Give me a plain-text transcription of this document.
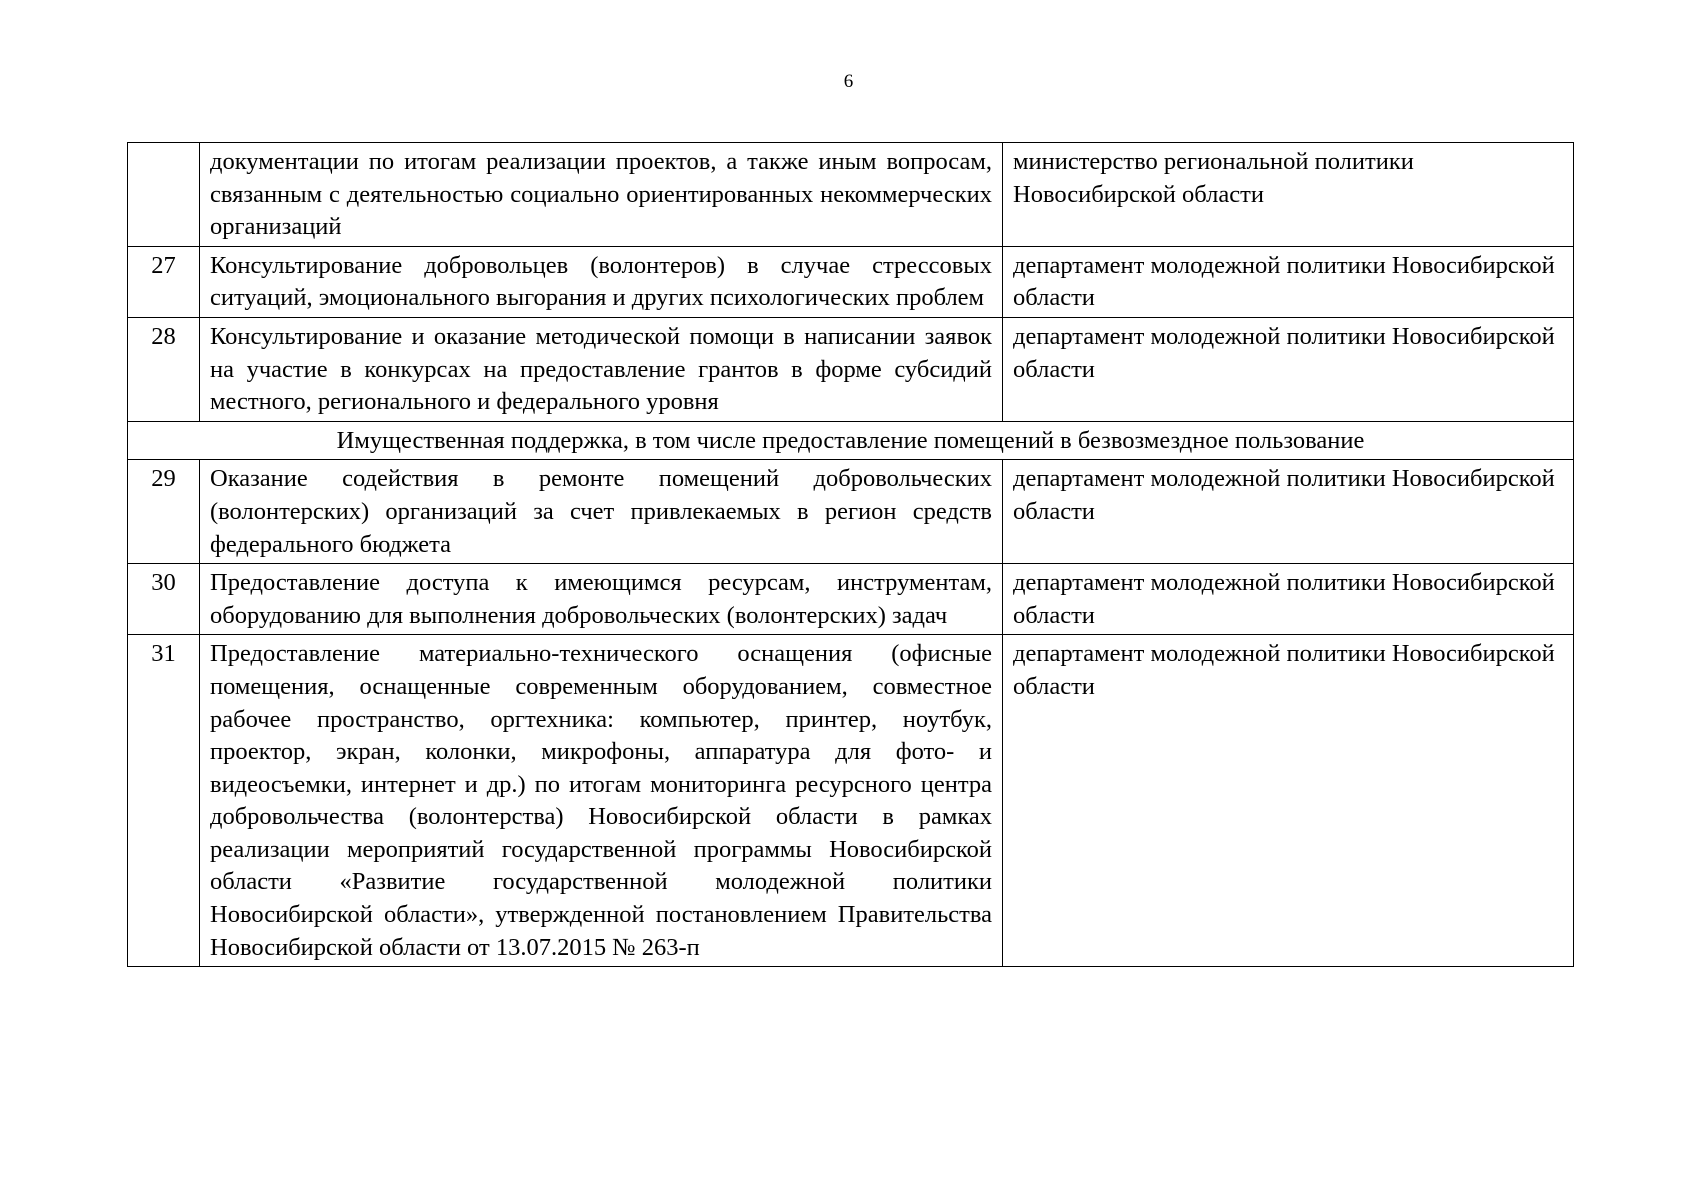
6
	документации по итогам реализации проектов, а также иным вопросам, связанным с деятельностью социально ориентированных некоммерческих организаций	министерство региональной политики Новосибирской области
27	Консультирование добровольцев (волонтеров) в случае стрессовых ситуаций, эмоционального выгорания и других психологических проблем	департамент молодежной политики Новосибирской области
28	Консультирование и оказание методической помощи в написании заявок на участие в конкурсах на предоставление грантов в форме субсидий местного, регионального и федерального уровня	департамент молодежной политики Новосибирской области
Имущественная поддержка, в том числе предоставление помещений в безвозмездное пользование		
29	Оказание содействия в ремонте помещений добровольческих (волонтерских) организаций за счет привлекаемых в регион средств федерального бюджета	департамент молодежной политики Новосибирской области
30	Предоставление доступа к имеющимся ресурсам, инструментам, оборудованию для выполнения добровольческих (волонтерских) задач	департамент молодежной политики Новосибирской области
31	Предоставление материально-технического оснащения (офисные помещения, оснащенные современным оборудованием, совместное рабочее пространство, оргтехника: компьютер, принтер, ноутбук, проектор, экран, колонки, микрофоны, аппаратура для фото- и видеосъемки, интернет и др.) по итогам мониторинга ресурсного центра добровольчества (волонтерства) Новосибирской области в рамках реализации мероприятий государственной программы Новосибирской области «Развитие государственной молодежной политики Новосибирской области», утвержденной постановлением Правительства Новосибирской области от 13.07.2015 № 263-п	департамент молодежной политики Новосибирской области
